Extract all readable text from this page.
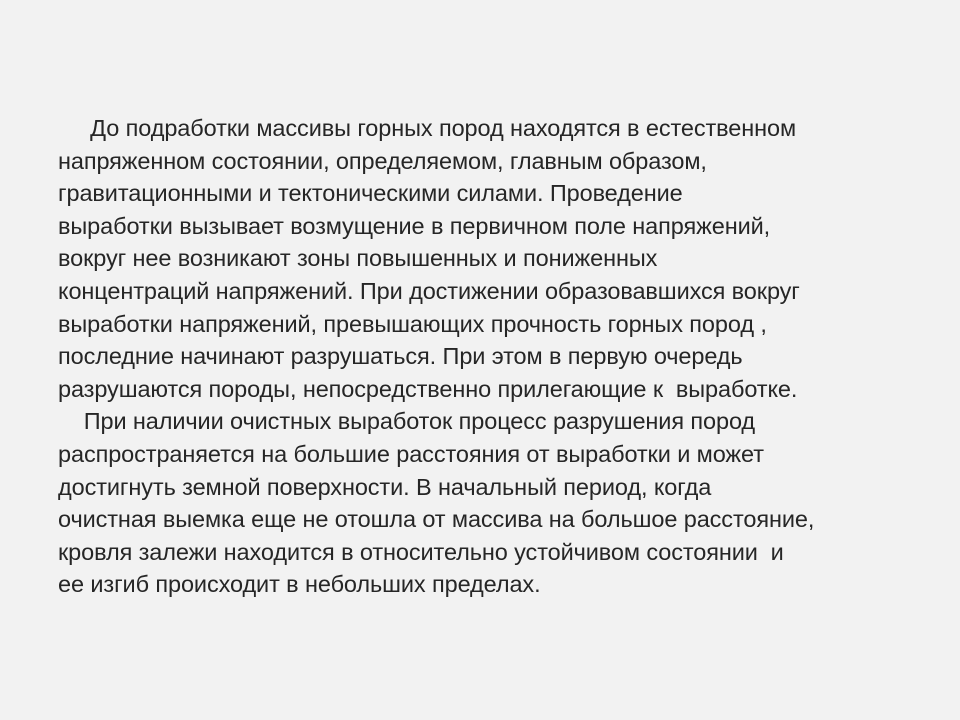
До подработки массивы горных пород находятся в естественном
напряженном состоянии, определяемом, главным образом,
гравитационными и тектоническими силами. Проведение
выработки вызывает возмущение в первичном поле напряжений,
вокруг нее возникают зоны повышенных и пониженных
концентраций напряжений. При достижении образовавшихся вокруг
выработки напряжений, превышающих прочность горных пород ,
последние начинают разрушаться. При этом в первую очередь
разрушаются породы, непосредственно прилегающие к  выработке.
При наличии очистных выработок процесс разрушения пород
распространяется на большие расстояния от выработки и может
достигнуть земной поверхности. В начальный период, когда
очистная выемка еще не отошла от массива на большое расстояние,
кровля залежи находится в относительно устойчивом состоянии  и
ее изгиб происходит в небольших пределах.
